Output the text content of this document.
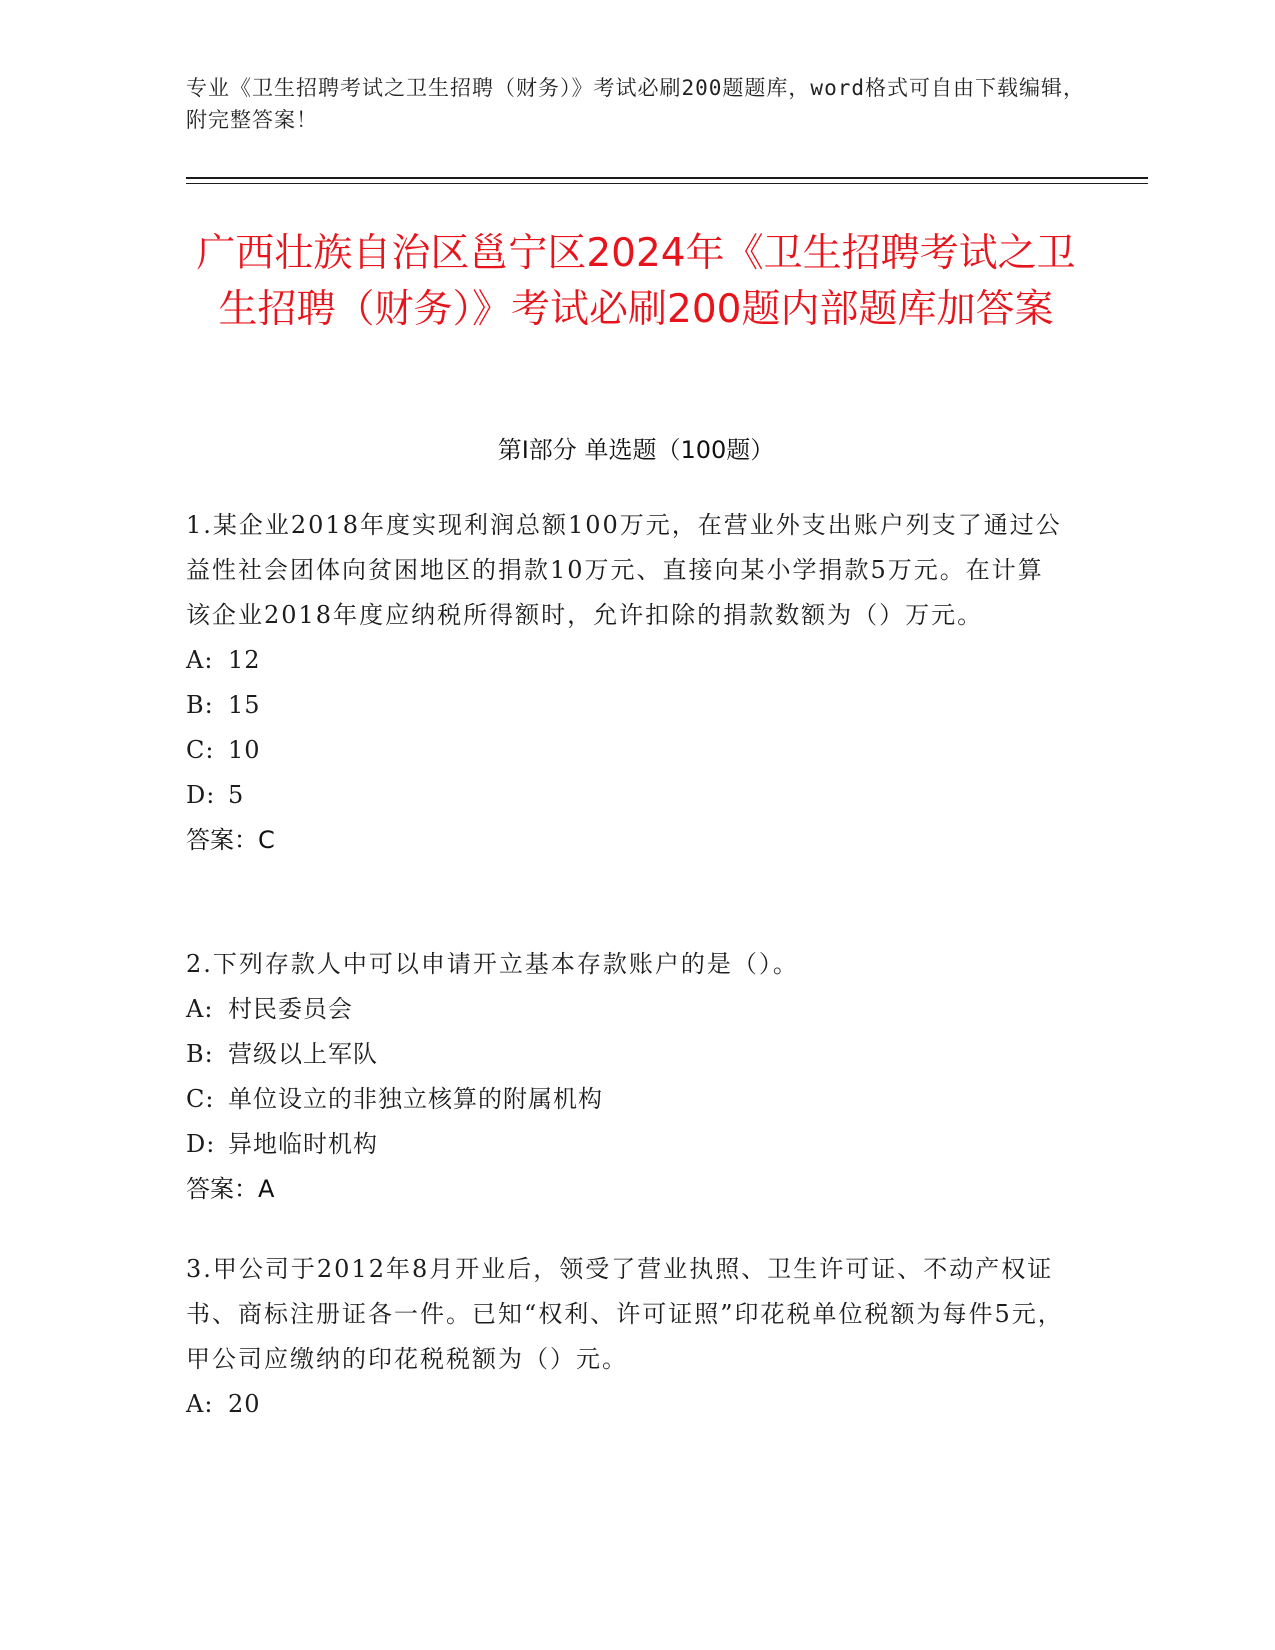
专业《卫生招聘考试之卫生招聘（财务）》考试必刷200题题库，word格式可自由下载编辑，附完整答案！
广西壮族自治区邕宁区2024年《卫生招聘考试之卫生招聘（财务）》考试必刷200题内部题库加答案
第Ⅰ部分 单选题（100题）
1.某企业2018年度实现利润总额100万元，在营业外支出账户列支了通过公益性社会团体向贫困地区的捐款10万元、直接向某小学捐款5万元。在计算该企业2018年度应纳税所得额时，允许扣除的捐款数额为（）万元。
A: 12
B: 15
C: 10
D: 5
答案：C
2.下列存款人中可以申请开立基本存款账户的是（）。
A: 村民委员会
B: 营级以上军队
C: 单位设立的非独立核算的附属机构
D: 异地临时机构
答案：A
3.甲公司于2012年8月开业后，领受了营业执照、卫生许可证、不动产权证书、商标注册证各一件。已知“权利、许可证照”印花税单位税额为每件5元，甲公司应缴纳的印花税税额为（）元。
A: 20
